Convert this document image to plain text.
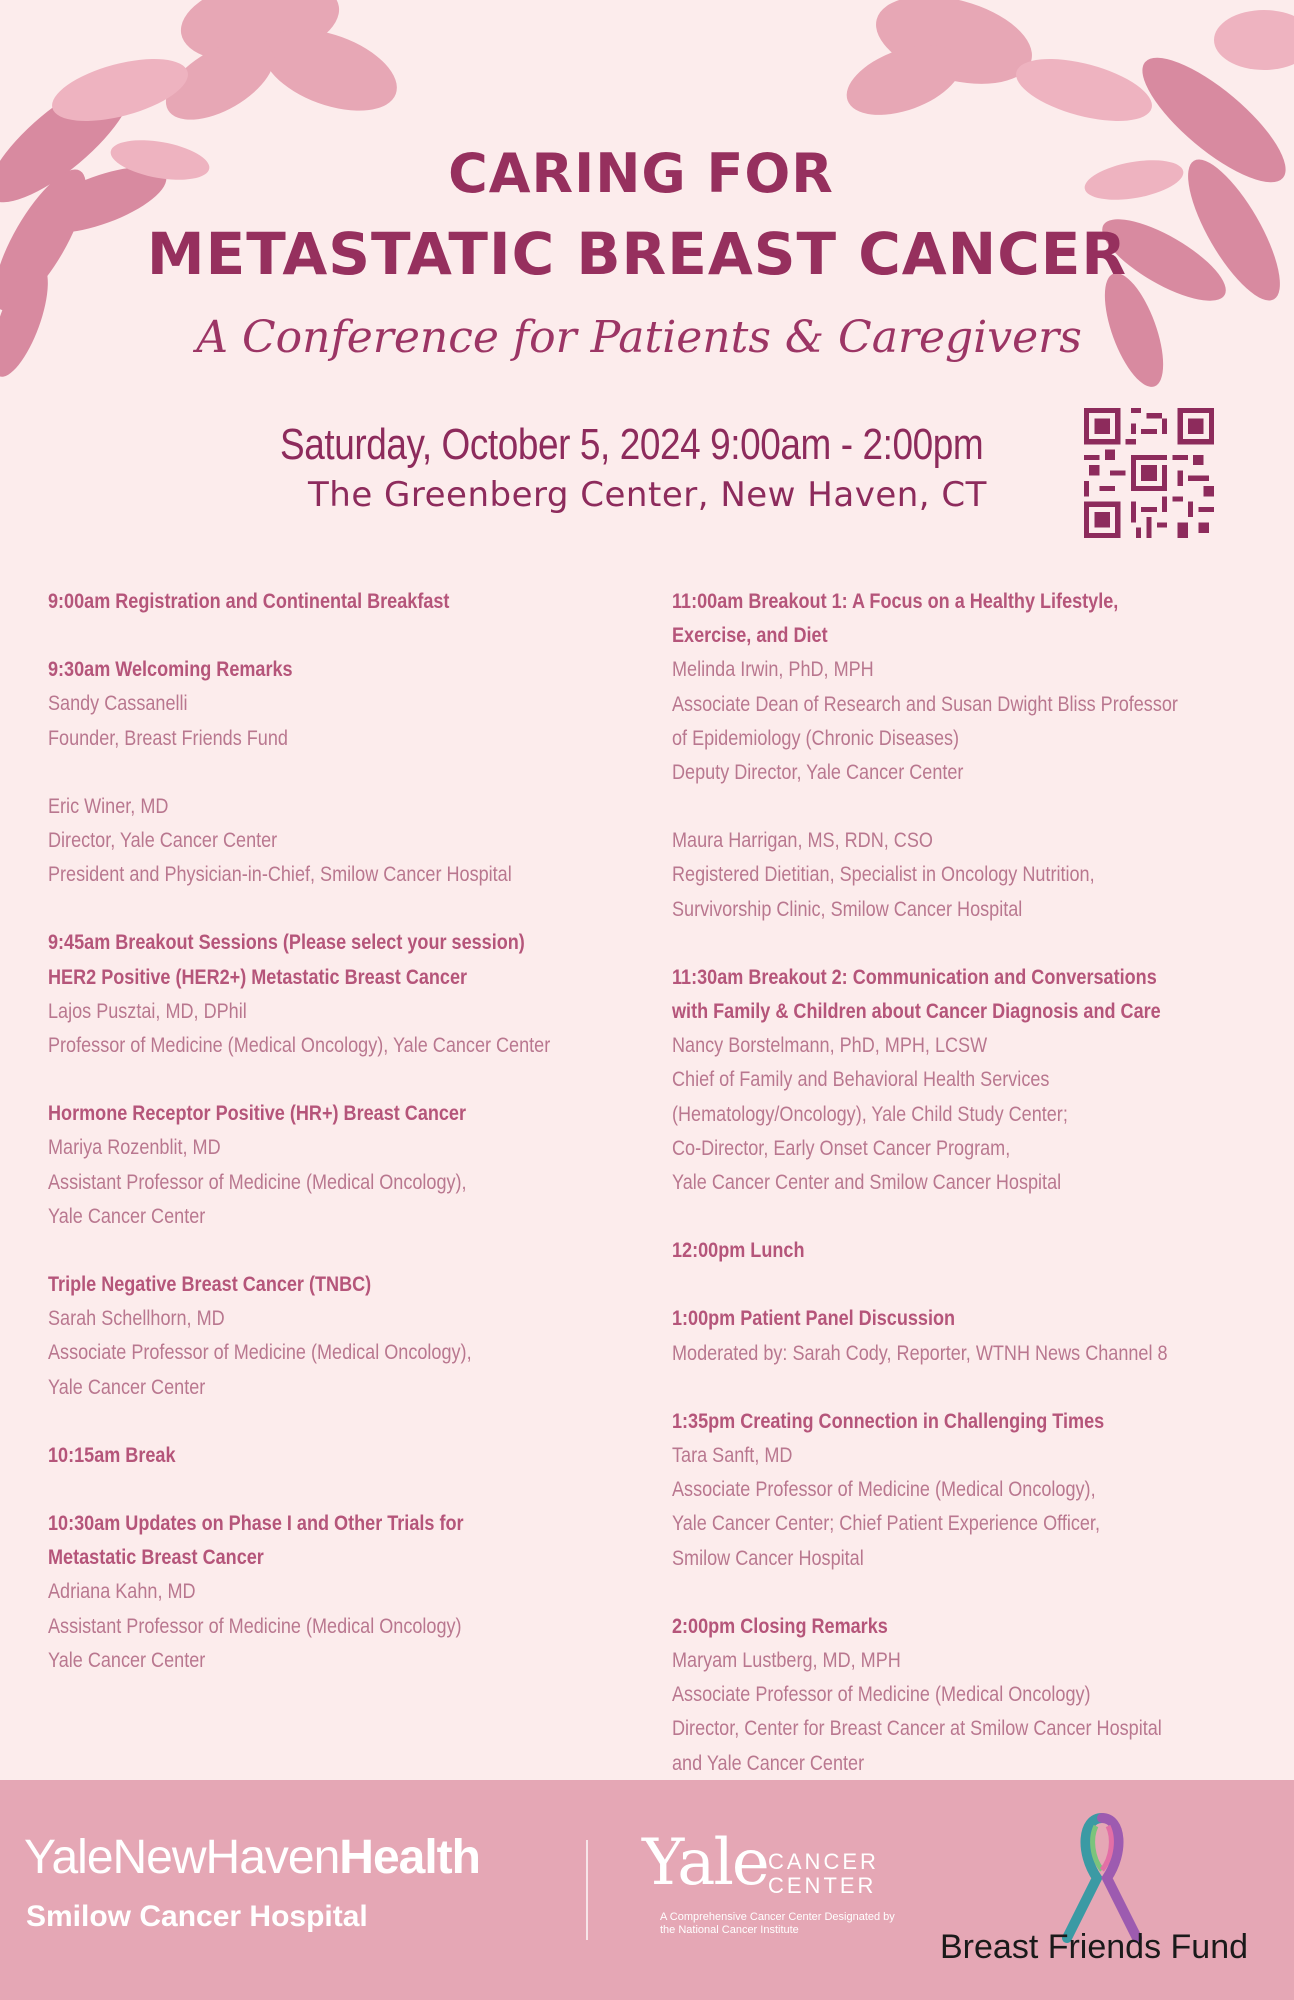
CARING FOR
METASTATIC BREAST CANCER
A Conference for Patients & Caregivers
Saturday, October 5, 2024 9:00am - 2:00pm
The Greenberg Center, New Haven, CT
9:00am Registration and Continental Breakfast
9:30am Welcoming Remarks
Sandy Cassanelli
Founder, Breast Friends Fund
Eric Winer, MD
Director, Yale Cancer Center
President and Physician-in-Chief, Smilow Cancer Hospital
9:45am Breakout Sessions (Please select your session)
HER2 Positive (HER2+) Metastatic Breast Cancer
Lajos Pusztai, MD, DPhil
Professor of Medicine (Medical Oncology), Yale Cancer Center
Hormone Receptor Positive (HR+) Breast Cancer
Mariya Rozenblit, MD
Assistant Professor of Medicine (Medical Oncology),
Yale Cancer Center
Triple Negative Breast Cancer (TNBC)
Sarah Schellhorn, MD
Associate Professor of Medicine (Medical Oncology),
Yale Cancer Center
10:15am Break
10:30am Updates on Phase I and Other Trials for
Metastatic Breast Cancer
Adriana Kahn, MD
Assistant Professor of Medicine (Medical Oncology)
Yale Cancer Center
11:00am Breakout 1: A Focus on a Healthy Lifestyle,
Exercise, and Diet
Melinda Irwin, PhD, MPH
Associate Dean of Research and Susan Dwight Bliss Professor
of Epidemiology (Chronic Diseases)
Deputy Director, Yale Cancer Center
Maura Harrigan, MS, RDN, CSO
Registered Dietitian, Specialist in Oncology Nutrition,
Survivorship Clinic, Smilow Cancer Hospital
11:30am Breakout 2: Communication and Conversations
with Family & Children about Cancer Diagnosis and Care
Nancy Borstelmann, PhD, MPH, LCSW
Chief of Family and Behavioral Health Services
(Hematology/Oncology), Yale Child Study Center;
Co-Director, Early Onset Cancer Program,
Yale Cancer Center and Smilow Cancer Hospital
12:00pm Lunch
1:00pm Patient Panel Discussion
Moderated by: Sarah Cody, Reporter, WTNH News Channel 8
1:35pm Creating Connection in Challenging Times
Tara Sanft, MD
Associate Professor of Medicine (Medical Oncology),
Yale Cancer Center; Chief Patient Experience Officer,
Smilow Cancer Hospital
2:00pm Closing Remarks
Maryam Lustberg, MD, MPH
Associate Professor of Medicine (Medical Oncology)
Director, Center for Breast Cancer at Smilow Cancer Hospital
and Yale Cancer Center
YaleNewHavenHealth
Smilow Cancer Hospital
Yale CANCER
CENTER
A Comprehensive Cancer Center Designated by the National Cancer Institute	Breast Friends Fund
